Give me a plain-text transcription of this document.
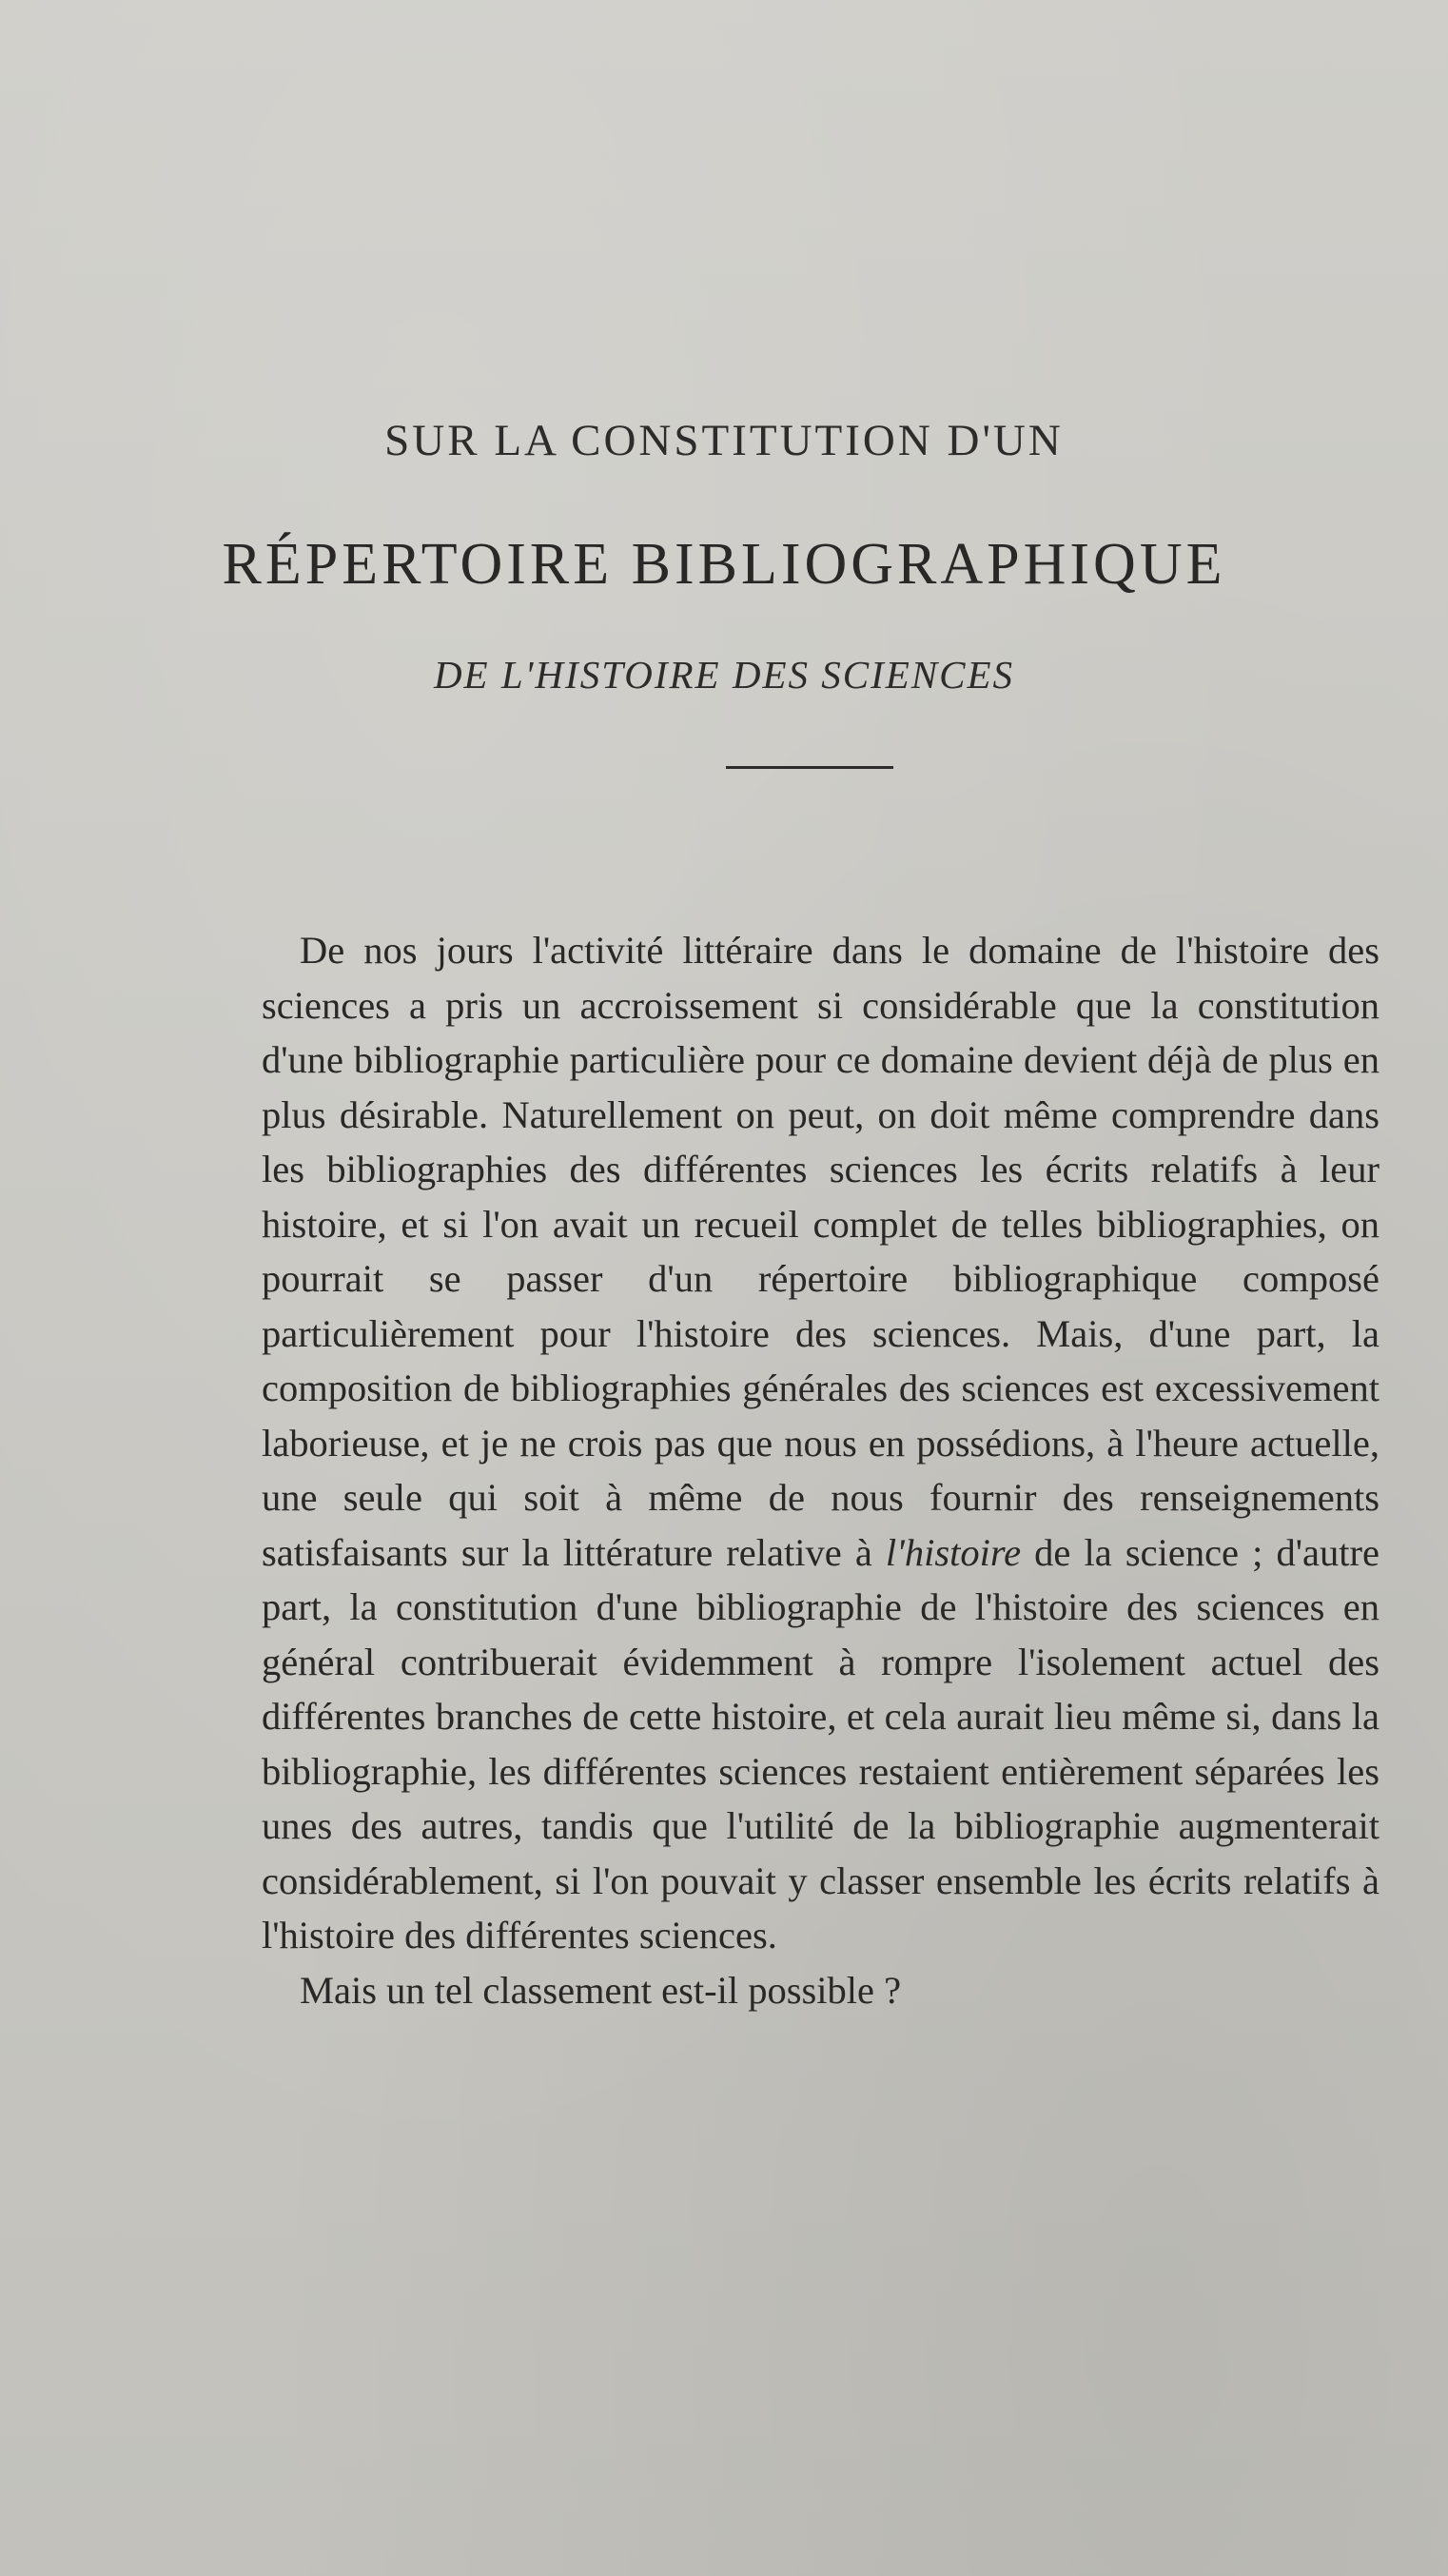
SUR LA CONSTITUTION D'UN
RÉPERTOIRE BIBLIOGRAPHIQUE
DE L'HISTOIRE DES SCIENCES

De nos jours l'activité littéraire dans le domaine de l'histoire des sciences a pris un accroissement si considérable que la constitution d'une bibliographie particulière pour ce domaine devient déjà de plus en plus désirable. Naturellement on peut, on doit même comprendre dans les bibliographies des différentes sciences les écrits relatifs à leur histoire, et si l'on avait un recueil complet de telles bibliographies, on pourrait se passer d'un répertoire bibliographique composé particulièrement pour l'histoire des sciences. Mais, d'une part, la composition de bibliographies générales des sciences est excessivement laborieuse, et je ne crois pas que nous en possédions, à l'heure actuelle, une seule qui soit à même de nous fournir des renseignements satisfaisants sur la littérature relative à l'histoire de la science ; d'autre part, la constitution d'une bibliographie de l'histoire des sciences en général contribuerait évidemment à rompre l'isolement actuel des différentes branches de cette histoire, et cela aurait lieu même si, dans la bibliographie, les différentes sciences restaient entièrement séparées les unes des autres, tandis que l'utilité de la bibliographie augmenterait considérablement, si l'on pouvait y classer ensemble les écrits relatifs à l'histoire des différentes sciences.

Mais un tel classement est-il possible ?
